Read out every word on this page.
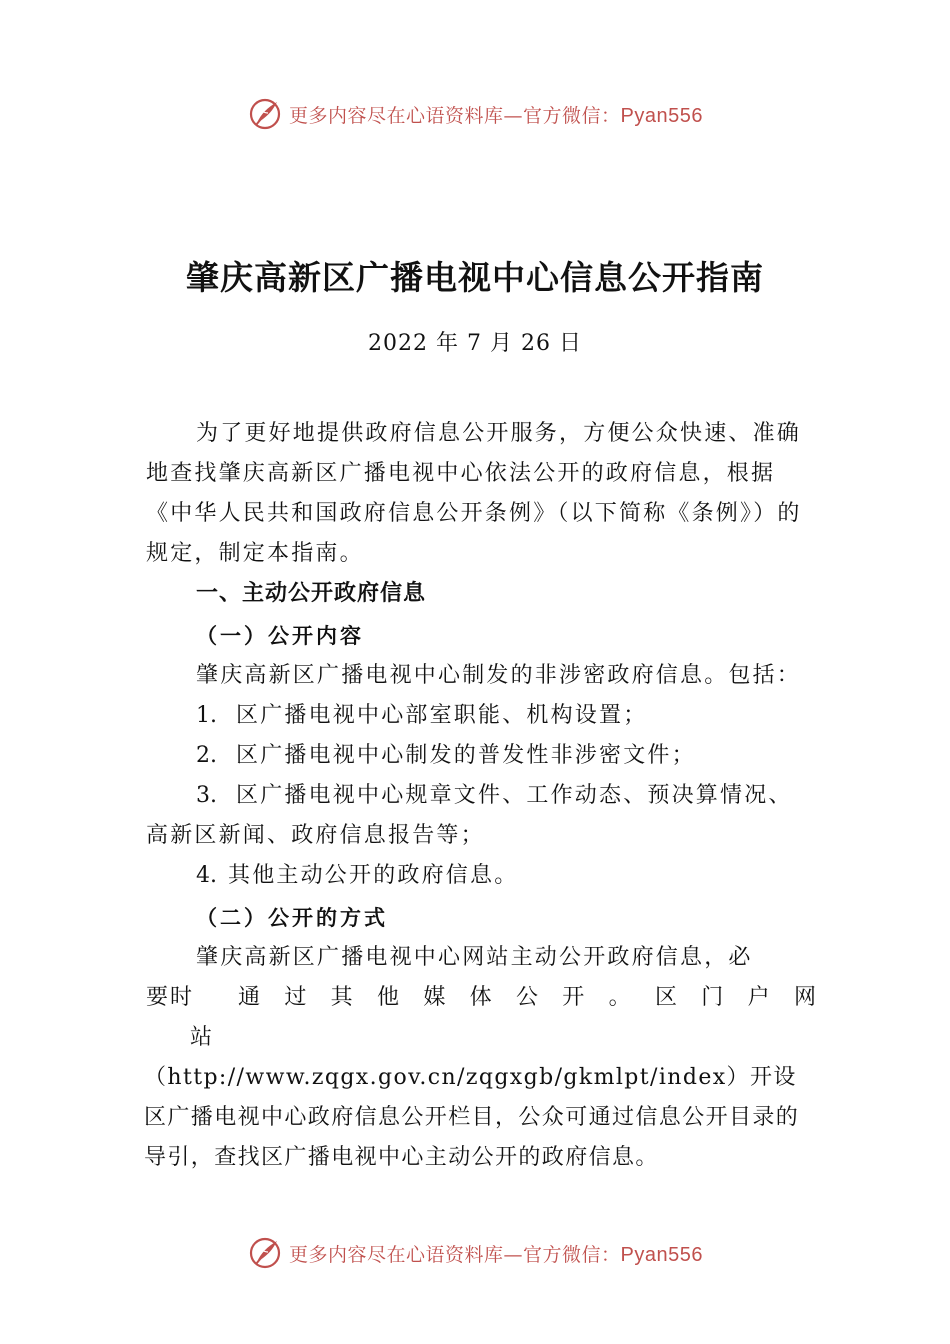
更多内容尽在心语资料库—官方微信：Pyan556
肇庆高新区广播电视中心信息公开指南
2022 年 7 月 26 日

为了更好地提供政府信息公开服务，方便公众快速、准确地查找肇庆高新区广播电视中心依法公开的政府信息，根据《中华人民共和国政府信息公开条例》（以下简称《条例》）的规定，制定本指南。

一、主动公开政府信息

（一）公开内容

肇庆高新区广播电视中心制发的非涉密政府信息。包括：

1. 区广播电视中心部室职能、机构设置；

2. 区广播电视中心制发的普发性非涉密文件；

3. 区广播电视中心规章文件、工作动态、预决算情况、高新区新闻、政府信息报告等；

4. 其他主动公开的政府信息。

（二）公开的方式

肇庆高新区广播电视中心网站主动公开政府信息，必

要时	通 过 其 他 媒 体 公 开 。 区 门 户 网

站

（http://www.zqgx.gov.cn/zqgxgb/gkmlpt/index）开设区广播电视中心政府信息公开栏目，公众可通过信息公开目录的导引，查找区广播电视中心主动公开的政府信息。

更多内容尽在心语资料库—官方微信：Pyan556
